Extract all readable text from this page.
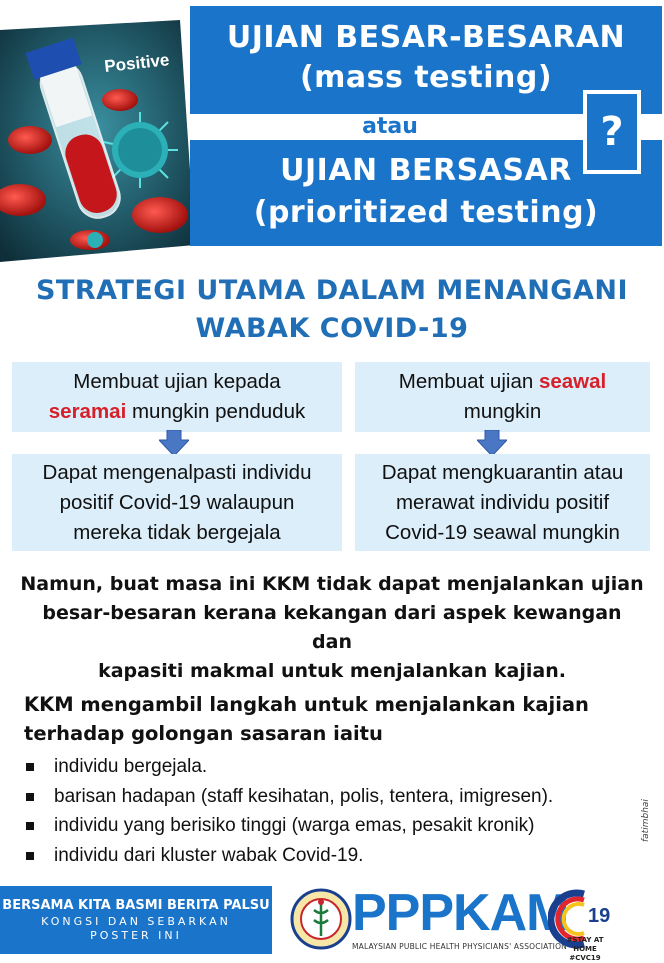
Positive
UJIAN BESAR-BESARAN
(mass testing)
atau
UJIAN BERSASAR
(prioritized testing)
?
STRATEGI UTAMA DALAM MENANGANI
WABAK COVID-19
Membuat ujian kepada
seramai mungkin penduduk
Membuat ujian seawal
mungkin
Dapat mengenalpasti individu
positif Covid-19 walaupun
mereka tidak bergejala
Dapat mengkuarantin atau
merawat individu positif
Covid-19 seawal mungkin
Namun, buat masa ini KKM tidak dapat menjalankan ujian
besar-besaran kerana kekangan dari aspek kewangan dan
kapasiti makmal untuk menjalankan kajian.
KKM mengambil langkah untuk menjalankan kajian
terhadap golongan sasaran iaitu
individu bergejala.
barisan hadapan (staff kesihatan, polis, tentera, imigresen).
individu yang berisiko tinggi (warga emas, pesakit kronik)
individu dari kluster wabak Covid-19.
fatimbhai
BERSAMA KITA BASMI BERITA PALSU
KONGSI DAN SEBARKAN
POSTER INI	PPPKAM
MALAYSIAN PUBLIC HEALTH PHYSICIANS' ASSOCIATION
19
#STAY AT HOME
#CVC19
